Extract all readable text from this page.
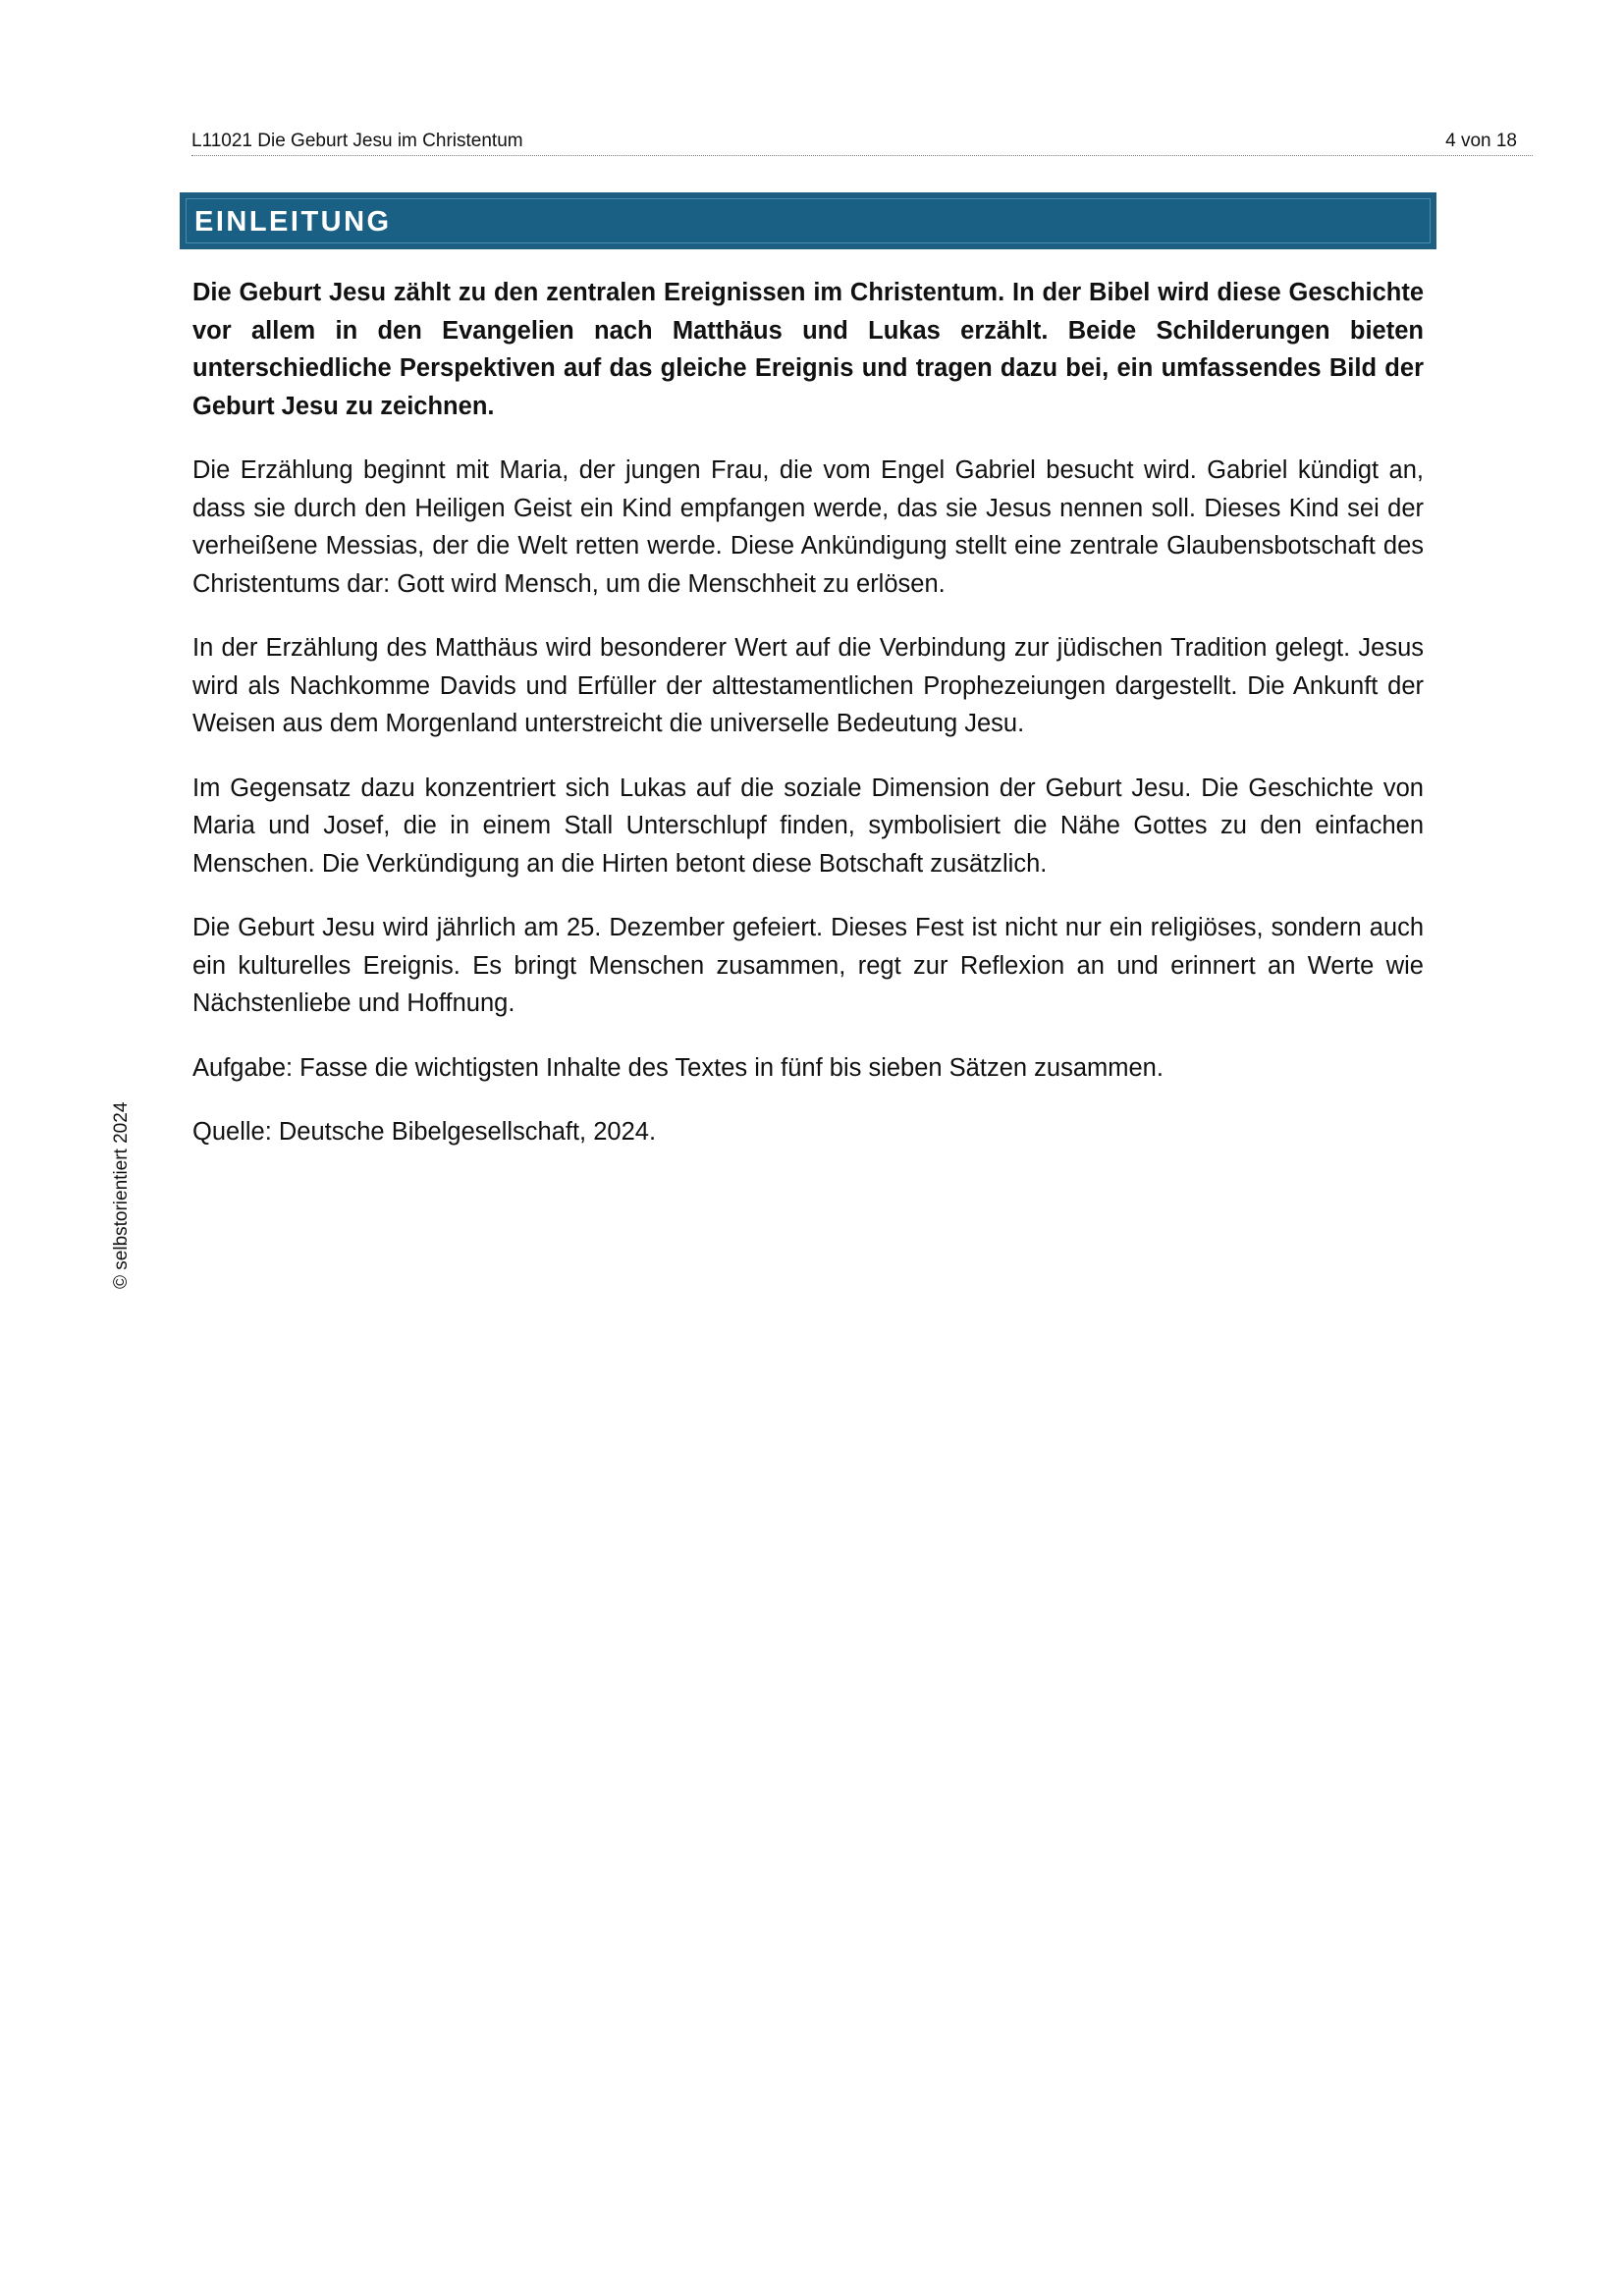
L11021 Die Geburt Jesu im Christentum	4 von 18
EINLEITUNG

Die Geburt Jesu zählt zu den zentralen Ereignissen im Christentum. In der Bibel wird diese Geschichte vor allem in den Evangelien nach Matthäus und Lukas erzählt. Beide Schilderungen bieten unterschiedliche Perspektiven auf das gleiche Ereignis und tragen dazu bei, ein umfassendes Bild der Geburt Jesu zu zeichnen.

Die Erzählung beginnt mit Maria, der jungen Frau, die vom Engel Gabriel besucht wird. Gabriel kündigt an, dass sie durch den Heiligen Geist ein Kind empfangen werde, das sie Jesus nennen soll. Dieses Kind sei der verheißene Messias, der die Welt retten werde. Diese Ankündigung stellt eine zentrale Glaubensbotschaft des Christentums dar: Gott wird Mensch, um die Menschheit zu erlösen.

In der Erzählung des Matthäus wird besonderer Wert auf die Verbindung zur jüdischen Tradition gelegt. Jesus wird als Nachkomme Davids und Erfüller der alttestamentlichen Prophezeiungen dargestellt. Die Ankunft der Weisen aus dem Morgenland unterstreicht die universelle Bedeutung Jesu.

Im Gegensatz dazu konzentriert sich Lukas auf die soziale Dimension der Geburt Jesu. Die Geschichte von Maria und Josef, die in einem Stall Unterschlupf finden, symbolisiert die Nähe Gottes zu den einfachen Menschen. Die Verkündigung an die Hirten betont diese Botschaft zusätzlich.

Die Geburt Jesu wird jährlich am 25. Dezember gefeiert. Dieses Fest ist nicht nur ein religiöses, sondern auch ein kulturelles Ereignis. Es bringt Menschen zusammen, regt zur Reflexion an und erinnert an Werte wie Nächstenliebe und Hoffnung.

Aufgabe: Fasse die wichtigsten Inhalte des Textes in fünf bis sieben Sätzen zusammen.

Quelle: Deutsche Bibelgesellschaft, 2024.

© selbstorientiert 2024
